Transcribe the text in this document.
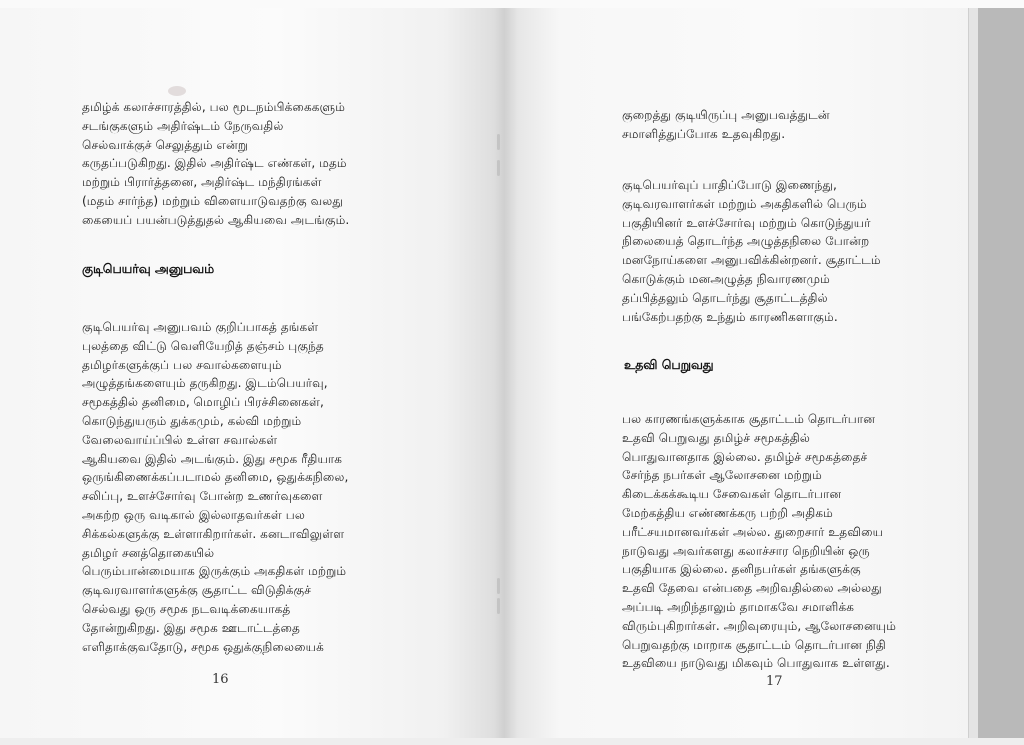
தமிழ்க் கலாச்சாரத்தில், பல மூடநம்பிக்கைகளும்
சடங்குகளும் அதிர்ஷ்டம் நேருவதில்
செல்வாக்குச் செலுத்தும் என்று
கருதப்படுகிறது. இதில் அதிர்ஷ்ட எண்கள், மதம்
மற்றும் பிரார்த்தனை, அதிர்ஷ்ட மந்திரங்கள்
(மதம் சார்ந்த) மற்றும் விளையாடுவதற்கு வலது
கையைப் பயன்படுத்துதல் ஆகியவை அடங்கும்.
குடிபெயர்வு அனுபவம்
குடிபெயர்வு அனுபவம் குறிப்பாகத் தங்கள்
புலத்தை விட்டு வெளியேறித் தஞ்சம் புகுந்த
தமிழர்களுக்குப் பல சவால்களையும்
அழுத்தங்களையும் தருகிறது. இடம்பெயர்வு,
சமூகத்தில் தனிமை, மொழிப் பிரச்சினைகள்,
கொடுந்துயரும் துக்கமும், கல்வி மற்றும்
வேலைவாய்ப்பில் உள்ள சவால்கள்
ஆகியவை இதில் அடங்கும். இது சமூக ரீதியாக
ஒருங்கிணைக்கப்படாமல் தனிமை, ஒதுக்கநிலை,
சலிப்பு, உளச்சோர்வு போன்ற உணர்வுகளை
அகற்ற ஒரு வடிகால் இல்லாதவர்கள் பல
சிக்கல்களுக்கு உள்ளாகிறார்கள். கனடாவிலுள்ள
தமிழர் சனத்தொகையில்
பெரும்பான்மையாக இருக்கும் அகதிகள் மற்றும்
குடிவரவாளர்களுக்கு சூதாட்ட விடுதிக்குச்
செல்வது ஒரு சமூக நடவடிக்கையாகத்
தோன்றுகிறது. இது சமூக ஊடாட்டத்தை
எளிதாக்குவதோடு, சமூக ஒதுக்குநிலையைக்
16
குறைத்து குடியிருப்பு அனுபவத்துடன்
சமாளித்துப்போக உதவுகிறது.
குடிபெயர்வுப் பாதிப்போடு இணைந்து,
குடிவரவாளர்கள் மற்றும் அகதிகளில் பெரும்
பகுதியினர் உளச்சோர்வு மற்றும் கொடுந்துயர்
நிலையைத் தொடர்ந்த அழுத்தநிலை போன்ற
மனநோய்களை அனுபவிக்கின்றனர். சூதாட்டம்
கொடுக்கும் மனஅழுத்த நிவாரணமும்
தப்பித்தலும் தொடர்ந்து சூதாட்டத்தில்
பங்கேற்பதற்கு உந்தும் காரணிகளாகும்.
உதவி பெறுவது
பல காரணங்களுக்காக சூதாட்டம் தொடர்பான
உதவி பெறுவது தமிழ்ச் சமூகத்தில்
பொதுவானதாக இல்லை. தமிழ்ச் சமூகத்தைச்
சேர்ந்த நபர்கள் ஆலோசனை மற்றும்
கிடைக்கக்கூடிய சேவைகள் தொடர்பான
மேற்கத்திய எண்ணக்கரு பற்றி அதிகம்
பரீட்சயமானவர்கள் அல்ல. துறைசார் உதவியை
நாடுவது அவர்களது கலாச்சார நெறியின் ஒரு
பகுதியாக இல்லை. தனிநபர்கள் தங்களுக்கு
உதவி தேவை என்பதை அறிவதில்லை அல்லது
அப்படி அறிந்தாலும் தாமாகவே சமாளிக்க
விரும்புகிறார்கள். அறிவுரையும், ஆலோசனையும்
பெறுவதற்கு மாறாக சூதாட்டம் தொடர்பான நிதி
உதவியை நாடுவது மிகவும் பொதுவாக உள்ளது.
17
